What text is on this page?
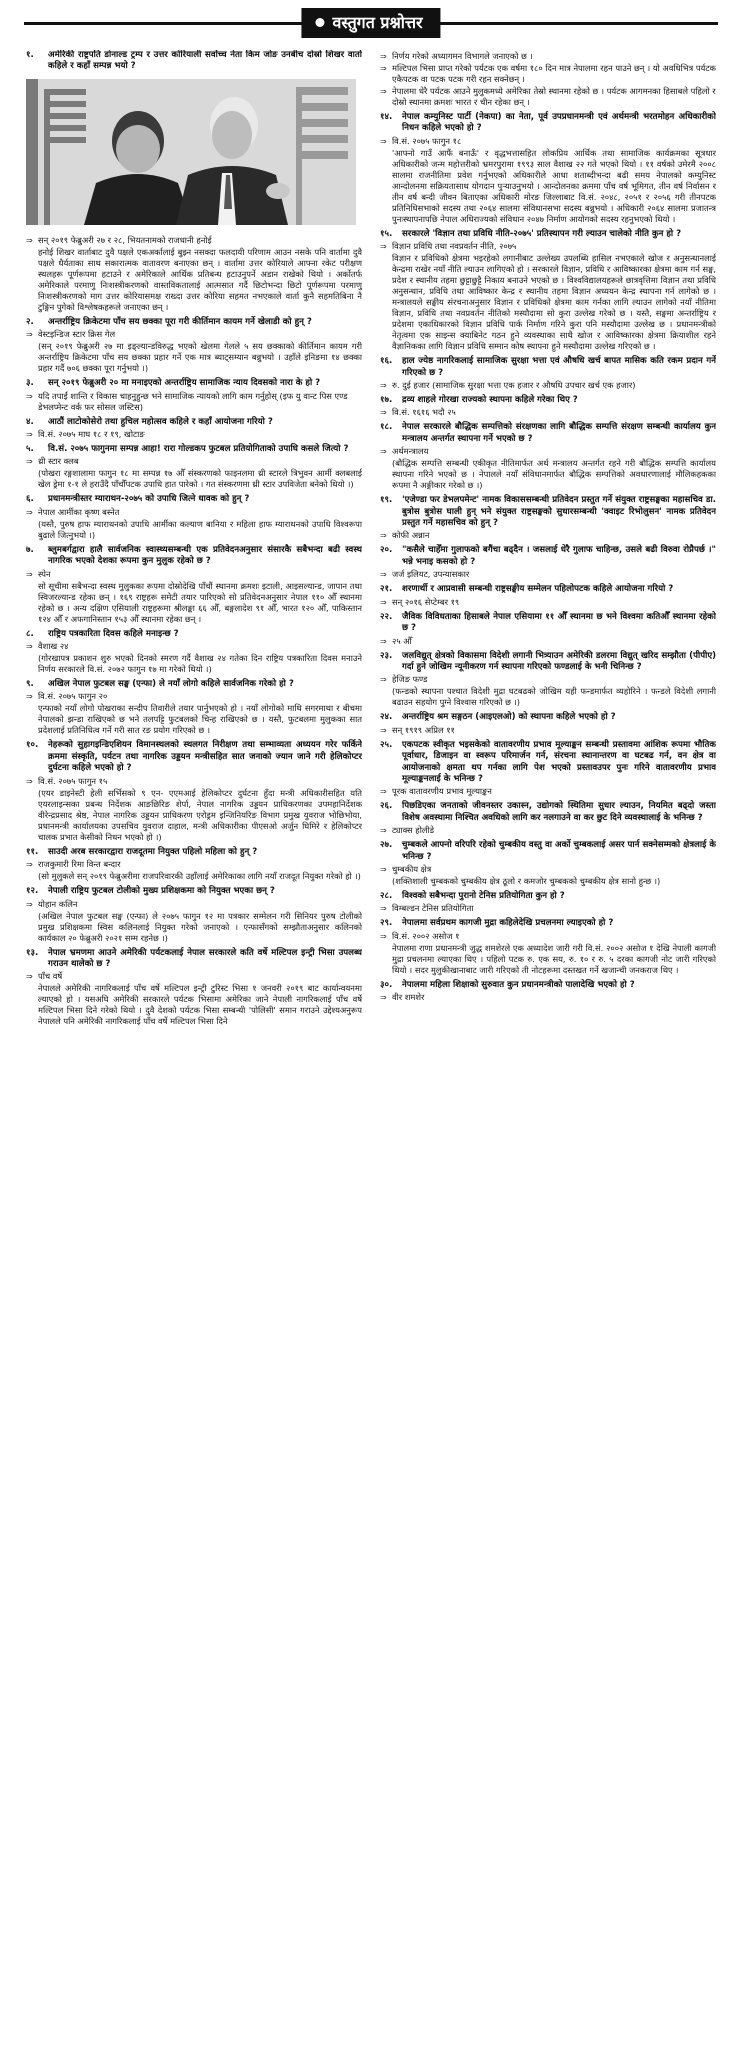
वस्तुगत प्रश्नोत्तर
१.	अमेरिकी राष्ट्रपति डोनाल्ड ट्रम्प र उत्तर कोरियाली सर्वोच्च नेता किम जोङ उनबीच दोस्रो शिखर वार्ता कहिले र कहाँ सम्पन्न भयो ?
⇒ सन् २०१९ फेब्रुअरी २७ र २८, भियतनामको राजधानी हनोई
हनोई शिखर वार्ताबाट दुवै पक्षले एकअर्कालाई बुझ्न नसक्दा फलदायी परिणाम आउन नसके पनि वार्तामा दुवै पक्षले धैर्यताका साथ सकारात्मक वातावरण बनाएका छन् । वार्तामा उत्तर कोरियाले आफ्ना रकेट परीक्षण स्थलहरू पूर्णरूपमा हटाउने र अमेरिकाले आर्थिक प्रतिबन्ध हटाउनुपर्ने अडान राखेको थियो । अर्कोतर्फ अमेरिकाले परमाणु निःशस्त्रीकरणको वास्तविकतालाई आत्मसात गर्दै छिटोभन्दा छिटो पूर्णरूपमा परमाणु निःशस्त्रीकरणको माग उत्तर कोरियासमक्ष राख्दा उत्तर कोरिया सहमत नभएकाले वार्ता कुनै सहमतिबिना नै टुङ्गिन पुगेको विश्लेषकहरूले जनाएका छन् ।
२.	अन्तर्राष्ट्रिय क्रिकेटमा पाँच सय छक्का पूरा गरी कीर्तिमान कायम गर्ने खेलाडी को हुन् ?
⇒ वेस्टइन्डिज स्टार क्रिस गेल
(सन् २०१९ फेब्रुअरी २७ मा इङ्ल्यान्डविरुद्ध भएको खेलमा गेलले ५ सय छक्काको कीर्तिमान कायम गरी अन्तर्राष्ट्रिय क्रिकेटमा पाँच सय छक्का प्रहार गर्ने एक मात्र ब्याट्सम्यान बन्नुभयो । उहाँले इनिङमा १४ छक्का प्रहार गर्दै ७०६ छक्का पूरा गर्नुभयो ।)
३.	सन् २०१९ फेब्रुअरी २० मा मनाइएको अन्तर्राष्ट्रिय सामाजिक न्याय दिवसको नारा के हो ?
⇒ यदि तपाईं शान्ति र विकास चाहनुहुन्छ भने सामाजिक न्यायको लागि काम गर्नुहोस् (इफ यु वान्ट पिस एण्ड डेभलप्मेन्ट वर्क फर सोसल जस्टिस)
४.	आठौं लाटोकोसेरो तथा हुचिल महोत्सव कहिले र कहाँ आयोजना गरियो ?
⇒ वि.सं. २०७५ माघ १८ र १९, खोटाङ
५.	वि.सं. २०७५ फागुनमा सम्पन्न आहा! रारा गोल्डकप फुटबल प्रतियोगिताको उपाधि कसले जित्यो ?
⇒ थ्री स्टार क्लब
(पोखरा रङ्गशालामा फागुन १८ मा सम्पन्न १७ औँ संस्करणको फाइनलमा थ्री स्टारले त्रिभुवन आर्मी क्लबलाई खेल ड्रेमा १-१ ले हराउँदै पाँचौँपटक उपाधि हात पारेको । गत संस्करणमा थ्री स्टार उपविजेता बनेको थियो ।)
६.	प्रधानमन्त्रीस्तर म्याराथन-२०७५ को उपाधि जित्ने धावक को हुन् ?
⇒ नेपाल आर्मीका कृष्ण बस्नेत
(यस्तै, पुरुष हाफ म्याराथनको उपाधि आर्मीका कल्याण बानिया र महिला हाफ म्याराथनको उपाधि विश्वरूपा बुढाले जित्नुभयो ।)
७.	ब्लुमबर्गद्वारा हालै सार्वजनिक स्वास्थ्यसम्बन्धी एक प्रतिवेदनअनुसार संसारकै सबैभन्दा बढी स्वस्थ नागरिक भएको देशका रूपमा कुन मुलुक रहेको छ ?
⇒ स्पेन
सो सूचीमा सबैभन्दा स्वस्थ मुलुकका रूपमा दोस्रोदेखि पाँचौं स्थानमा क्रमशः इटाली, आइसल्यान्ड, जापान तथा स्विजरल्यान्ड रहेका छन् । १६९ राष्ट्रहरू समेटी तयार पारिएको सो प्रतिवेदनअनुसार नेपाल ११० औँ स्थानमा रहेको छ । अन्य दक्षिण एसियाली राष्ट्रहरूमा श्रीलङ्का ६६ औँ, बङ्गलादेश ९१ औँ, भारत १२० औँ, पाकिस्तान १२४ औँ र अफगानिस्तान १५३ औँ स्थानमा रहेका छन् ।
८.	राष्ट्रिय पत्रकारिता दिवस कहिले मनाइन्छ ?
⇒ वैशाख २४
(गोरखापत्र प्रकाशन शुरु भएको दिनको स्मरण गर्दै वैशाख २४ गतेका दिन राष्ट्रिय पत्रकारिता दिवस मनाउने निर्णय सरकारले वि.सं. २०७२ फागुन १७ मा गरेको थियो ।)
९.	अखिल नेपाल फुटबल सङ्घ (एन्फा) ले नयाँ लोगो कहिले सार्वजनिक गरेको हो ?
⇒ वि.सं. २०७५ फागुन २०
एन्फाको नयाँ लोगो पोखराका सन्दीप तिवारीले तयार पार्नुभएको हो । नयाँ लोगोको माथि सगरमाथा र बीचमा नेपालको झन्डा राखिएको छ भने तलपट्टि फुटबलको चिन्ह राखिएको छ । यस्तै, फुटबलमा मुलुकका सात प्रदेशलाई प्रतिनिधित्व गर्ने गरी सात रङ प्रयोग गरिएको छ ।
१०.	नेहरूको सुहागइन्डिएशियन विमानस्थलको स्थलगत निरीक्षण तथा सम्भाव्यता अध्ययन गरेर फर्किने क्रममा संस्कृति, पर्यटन तथा नागरिक उड्डयन मन्त्रीसहित सात जनाको ज्यान जाने गरी हेलिकोप्टर दुर्घटना कहिले भएको हो ?
⇒ वि.सं. २०७५ फागुन १५
(एयर डाइनेस्टी हेली सर्भिसको ९ एन- एएमआई हेलिकोप्टर दुर्घटना हुँदा मन्त्री अधिकारीसहित यति एयरलाइन्सका प्रबन्ध निर्देशक आङछिरिङ शेर्पा, नेपाल नागरिक उड्डयन प्राधिकरणका उपमहानिर्देशक वीरेन्द्रप्रसाद श्रेष्ठ, नेपाल नागरिक उड्डयन प्राधिकरण एरोड्रम इन्जिनियरिङ विभाग प्रमुख युवराज भोछिभोया, प्रधानमन्त्री कार्यालयका उपसचिव युवराज दाहाल, मन्त्री अधिकारीका पीएसओ अर्जुन घिमिरे र हेलिकोप्टर चालक प्रभात केसीको निधन भएको हो ।)
११.	साउदी अरब सरकारद्वारा राजदूतमा नियुक्त पहिलो महिला को हुन् ?
⇒ राजकुमारी रिमा विन्त बन्दार
(सो मुलुकले सन् २०१९ फेब्रुअरीमा राजपरिवारकी उहाँलाई अमेरिकाका लागि नयाँ राजदूत नियुक्त गरेको हो ।)
१२.	नेपाली राष्ट्रिय फुटबल टोलीको मुख्य प्रशिक्षकमा को नियुक्त भएका छन् ?
⇒ योहान कलिन
(अखिल नेपाल फुटबल सङ्घ (एन्फा) ले २०७५ फागुन १२ मा पत्रकार सम्मेलन गरी सिनियर पुरुष टोलीको प्रमुख प्रशिक्षकमा स्विस कलिनलाई नियुक्त गरेको जनाएको । एन्फासँगको सम्झौताअनुसार कलिनको कार्यकाल २० फेब्रुअरी २०२१ सम्म रहनेछ ।)
१३.	नेपाल भ्रमणमा आउने अमेरिकी पर्यटकलाई नेपाल सरकारले कति वर्षे मल्टिपल इन्ट्री भिसा उपलब्ध गराउन थालेको छ ?
⇒ पाँच वर्षे
नेपालले अमेरिकी नागरिकलाई पाँच वर्षे मल्टिपल इन्ट्री टुरिस्ट भिसा १ जनवरी २०१९ बाट कार्यान्वयनमा ल्याएको हो । यसअघि अमेरिकी सरकारले पर्यटक भिसामा अमेरिका जाने नेपाली नागरिकलाई पाँच वर्षे मल्टिपल भिसा दिने गरेको थियो । दुवै देशको पर्यटक भिसा सम्बन्धी 'पोलिसी' समान गराउने उद्देश्यअनुरूप नेपालले पनि अमेरिकी नागरिकलाई पाँच वर्षे मल्टिपल भिसा दिने
⇒ निर्णय गरेको अध्यागमन विभागले जनाएको छ ।
⇒ मल्टिपल भिसा प्राप्त गरेको पर्यटक एक वर्षमा १८० दिन मात्र नेपालमा रहन पाउने छन् । यो अवधिभित्र पर्यटक एकैपटक वा पटक पटक गरी रहन सक्नेछन् ।
⇒ नेपालमा धेरै पर्यटक आउने मुलुकमध्ये अमेरिका तेस्रो स्थानमा रहेको छ । पर्यटक आगमनका हिसाबले पहिलो र दोस्रो स्थानमा क्रमशः भारत र चीन रहेका छन् ।
१४.	नेपाल कम्युनिस्ट पार्टी (नेकपा) का नेता, पूर्व उपप्रधानमन्त्री एवं अर्थमन्त्री भरतमोहन अधिकारीको निधन कहिले भएको हो ?
⇒ वि.सं. २०७५ फागुन १८
'आफ्नो गाउँ आफैं बनाऊँ' र वृद्धभत्तासहित लोकप्रिय आर्थिक तथा सामाजिक कार्यक्रमका सूत्रधार अधिकारीको जन्म महोत्तरीको भ्रमरपुरामा १९९३ साल वैशाख २२ गते भएको थियो । ११ वर्षको उमेरमै २००८ सालमा राजनीतिमा प्रवेश गर्नुभएको अधिकारीले आधा शताब्दीभन्दा बढी समय नेपालको कम्युनिस्ट आन्दोलनमा सक्रियतासाथ योगदान पुऱ्याउनुभयो । आन्दोलनका क्रममा पाँच वर्ष भूमिगत, तीन वर्ष निर्वासन र तीन वर्ष बन्दी जीवन बिताएका अधिकारी मोरङ जिल्लाबाट वि.सं. २०४८, २०५१ र २०५६ गरी तीनपटक प्रतिनिधिसभाको सदस्य तथा २०६४ सालमा संविधानसभा सदस्य बन्नुभयो । अधिकारी २०६४ सालमा प्रजातन्त्र पुनःस्थापनापछि नेपाल अधिराज्यको संविधान २०४७ निर्माण आयोगको सदस्य रहनुभएको थियो ।
१५.	सरकारले 'विज्ञान तथा प्रविधि नीति-२०७५' प्रतिस्थापन गरी ल्याउन चालेको नीति कुन हो ?
⇒ विज्ञान प्रविधि तथा नवप्रवर्तन नीति, २०७५
विज्ञान र प्रविधिको क्षेत्रमा भइरहेको लगानीबाट उल्लेख्य उपलब्धि हासिल नभएकाले खोज र अनुसन्धानलाई केन्द्रमा राखेर नयाँ नीति ल्याउन लागिएको हो । सरकारले विज्ञान, प्रविधि र आविष्कारका क्षेत्रमा काम गर्न सङ्घ, प्रदेश र स्थानीय तहमा छुट्टाछुट्टै निकाय बनाउने भएको छ । विश्वविद्यालयहरूले छात्रवृत्तिमा विज्ञान तथा प्रविधि अनुसन्धान, प्रविधि तथा आविष्कार केन्द्र र स्थानीय तहमा विज्ञान अध्ययन केन्द्र स्थापना गर्न लागेको छ । मन्त्रालयले सङ्घीय संरचनाअनुसार विज्ञान र प्रविधिको क्षेत्रमा काम गर्नका लागि ल्याउन लागेको नयाँ नीतिमा विज्ञान, प्रविधि तथा नवप्रवर्तन नीतिको मस्यौदामा सो कुरा उल्लेख गरेको छ । यस्तै, सङ्घमा अन्तर्राष्ट्रिय र प्रदेशमा एकाधिकारको विज्ञान प्रविधि पार्क निर्माण गरिने कुरा पनि मस्यौदामा उल्लेख छ । प्रधानमन्त्रीको नेतृत्वमा एक साइन्स क्याबिनेट गठन हुने व्यवस्थाका साथै खोज र आविष्कारका क्षेत्रमा क्रियाशील रहने वैज्ञानिकका लागि विज्ञान प्रविधि सम्मान कोष स्थापना हुने मस्यौदामा उल्लेख गरिएको छ ।
१६.	हाल ज्येष्ठ नागरिकलाई सामाजिक सुरक्षा भत्ता एवं औषधि खर्च बापत मासिक कति रकम प्रदान गर्ने गरिएको छ ?
⇒ रु. दुई हजार (सामाजिक सुरक्षा भत्ता एक हजार र औषधि उपचार खर्च एक हजार)
१७.	द्रव्य शाहले गोरखा राज्यको स्थापना कहिले गरेका थिए ?
⇒ वि.सं. १६१६ भदौ २५
१८.	नेपाल सरकारले बौद्धिक सम्पत्तिको संरक्षणका लागि बौद्धिक सम्पत्ति संरक्षण सम्बन्धी कार्यालय कुन मन्त्रालय अन्तर्गत स्थापना गर्ने भएको छ ?
⇒ अर्थमन्त्रालय
(बौद्धिक सम्पत्ति सम्बन्धी एकीकृत नीतिमार्फत अर्थ मन्त्रालय अन्तर्गत रहने गरी बौद्धिक सम्पत्ति कार्यालय स्थापना गरिने भएको छ । नेपालले नयाँ संविधानमार्फत बौद्धिक सम्पत्तिको अवधारणालाई मौलिकहकका रूपमा नै अङ्गीकार गरेको छ ।)
१९.	'एजेण्डा फर डेभलपमेन्ट' नामक विकाससम्बन्धी प्रतिवेदन प्रस्तुत गर्ने संयुक्त राष्ट्रसङ्घका महासचिव डा. बुत्रोस बुत्रोस घाली हुन् भने संयुक्त राष्ट्रसङ्घको सुधारसम्बन्धी 'क्वाइट रिभोलुसन' नामक प्रतिवेदन प्रस्तुत गर्ने महासचिव को हुन् ?
⇒ कोफी अन्नान
२०.	"कसैले चाहेँमा गुलाफको बगैंचा बढ्दैन । जसलाई धेरै गुलाफ चाहिन्छ, उसले बढी विरुवा रोप्नैपर्छ ।" भन्ने भनाइ कसको हो ?
⇒ जर्ज इलियट, उपन्यासकार
२१.	शरणार्थी र आप्रवासी सम्बन्धी राष्ट्रसङ्घीय सम्मेलन पहिलोपटक कहिले आयोजना गरियो ?
⇒ सन् २०१६ सेप्टेम्बर १९
२२.	जैविक विविधताका हिसाबले नेपाल एसियामा ११ औँ स्थानमा छ भने विश्वमा कतिऔँ स्थानमा रहेको छ ?
⇒ २५ औँ
२३.	जलविद्युत् क्षेत्रको विकासमा विदेशी लगानी भित्र्याउन अमेरिकी डलरमा विद्युत् खरिद सम्झौता (पीपीए) गर्दा हुने जोखिम न्यूनीकरण गर्न स्थापना गरिएको फण्डलाई के भनी चिनिन्छ ?
⇒ हेजिङ फण्ड
(फन्डको स्थापना पश्चात विदेशी मुद्रा घटबढको जोखिम यही फन्डमार्फत व्यहोरिने । फन्डले विदेशी लगानी बढाउन सहयोग पुग्ने विश्वास गरिएको छ ।)
२४.	अन्तर्राष्ट्रिय श्रम सङ्गठन (आइएलओ) को स्थापना कहिले भएको हो ?
⇒ सन् १९१९ अप्रिल ११
२५.	एकपटक स्वीकृत भइसकेको वातावरणीय प्रभाव मूल्याङ्कन सम्बन्धी प्रस्तावमा आंशिक रूपमा भौतिक पूर्वाधार, डिजाइन वा स्वरूप परिमार्जन गर्न, संरचना स्थानान्तरण वा घटबढ गर्न, वन क्षेत्र वा आयोजनाको क्षमता थप गर्नका लागि पेश भएको प्रस्तावउपर पुनः गरिने वातावरणीय प्रभाव मूल्याङ्कनलाई के भनिन्छ ?
⇒ पूरक वातावरणीय प्रभाव मूल्याङ्कन
२६.	पिछडिएका जनताको जीवनस्तर उकास्न, उद्योगको स्थितिमा सुधार ल्याउन, नियमित बढ्दो जस्ता विशेष अवस्थामा निश्चित अवधिको लागि कर नलगाउने वा कर छुट दिने व्यवस्थालाई के भनिन्छ ?
⇒ ट्याक्स होलीडे
२७.	चुम्बकले आफ्नो वरिपरि रहेको चुम्बकीय वस्तु वा अर्को चुम्बकलाई असर पार्न सक्नेसम्मको क्षेत्रलाई के भनिन्छ ?
⇒ चुम्बकीय क्षेत्र
(शक्तिशाली चुम्बकको चुम्बकीय क्षेत्र ठूलो र कमजोर चुम्बकको चुम्बकीय क्षेत्र सानो हुन्छ ।)
२८.	विश्वको सबैभन्दा पुरानो टेनिस प्रतियोगिता कुन हो ?
⇒ विम्बल्डन टेनिस प्रतियोगिता
२९.	नेपालमा सर्वप्रथम कागजी मुद्रा कहिलेदेखि प्रचलनमा ल्याइएको हो ?
⇒ वि.सं. २००२ असोज १
नेपालमा राणा प्रधानमन्त्री जुद्ध शमशेरले एक अध्यादेश जारी गरी वि.सं. २००२ असोज १ देखि नेपाली कागजी मुद्रा प्रचलनमा ल्याएका थिए । पहिलो पटक रु. एक सय, रु. १० र रु. ५ दरका कागजी नोट जारी गरिएको थियो । सदर मुलुकीखानाबाट जारी गरिएको ती नोटहरूमा दस्तखत गर्ने खजान्ची जनकराज थिए ।
३०.	नेपालमा महिला शिक्षाको सुरुवात कुन प्रधानमन्त्रीको पालादेखि भएको हो ?
⇒ वीर शमशेर
